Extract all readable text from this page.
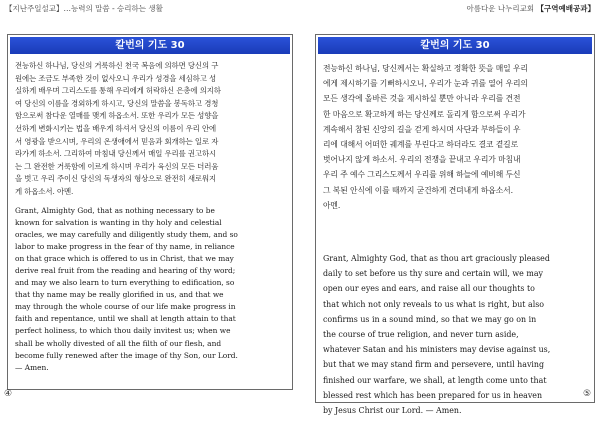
【지난주일설교】…능력의 말씀 - 승리하는 생활
칼번의 기도 30
전능하신 하나님, 당신의 거룩하신 천국 복음에 의하면 당신의 구
원에는 조금도 부족한 것이 없사오니 우리가 성경을 세심하고 성
실하게 배우며 그리스도를 통해 우리에게 허락하신 은총에 의지하
여 당신의 이름을 경외하게 하시고, 당신의 말씀을 봉독하고 경청
함으로써 참다운 열매를 맺게 하옵소서. 또한 우리가 모든 성향을
선하게 변화시키는 법을 배우게 하셔서 당신의 이름이 우리 안에
서 영광을 받으시며, 우리의 온생애에서 믿음과 회개하는 일로 자
라가게 하소서. 그리하여 마침내 당신께서 매일 우리를 권고하시
는 그 완전한 거룩함에 이르게 하시며 우리가 육신의 모든 더러움
을 벗고 우리 주이신 당신의 독생자의 형상으로 완전히 새로워지
게 하옵소서. 아멘.
Grant, Almighty God, that as nothing necessary to be
known for salvation is wanting in thy holy and celestial
oracles, we may carefully and diligently study them, and so
labor to make progress in the fear of thy name, in reliance
on that grace which is offered to us in Christ, that we may
derive real fruit from the reading and hearing of thy word;
and may we also learn to turn everything to edification, so
that thy name may be really glorified in us, and that we
may through the whole course of our life make progress in
faith and repentance, until we shall at length attain to that
perfect holiness, to which thou daily invitest us; when we
shall be wholly divested of all the filth of our flesh, and
become fully renewed after the image of thy Son, our Lord.
— Amen.
④
아름다운 나누리교회 【구역예배공과】
칼번의 기도 30
전능하신 하나님, 당신께서는 확실하고 정확한 뜻을 매일 우리
에게 제시하기를 기뻐하시오니, 우리가 눈과 귀를 열어 우리의
모든 생각에 올바른 것을 제시하실 뿐만 아니라 우리를 견전
한 마음으로 확고하게 하는 당신께로 돌리게 함으로써 우리가
계속해서 참된 신앙의 길을 걷게 하시며 사단과 부하들이 우
리에 대해서 어떠한 궤계를 부린다고 하더라도 결코 곁길로
벗어나지 않게 하소서. 우리의 전쟁을 끝내고 우리가 마침내
우리 주 예수 그리스도께서 우리를 위해 하늘에 예비해 두신
그 복된 안식에 이를 때까지 굳건하게 견뎌내게 하옵소서.
아멘.
Grant, Almighty God, that as thou art graciously pleased
daily to set before us thy sure and certain will, we may
open our eyes and ears, and raise all our thoughts to
that which not only reveals to us what is right, but also
confirms us in a sound mind, so that we may go on in
the course of true religion, and never turn aside,
whatever Satan and his ministers may devise against us,
but that we may stand firm and persevere, until having
finished our warfare, we shall, at length come unto that
blessed rest which has been prepared for us in heaven
by Jesus Christ our Lord. — Amen.
⑤
